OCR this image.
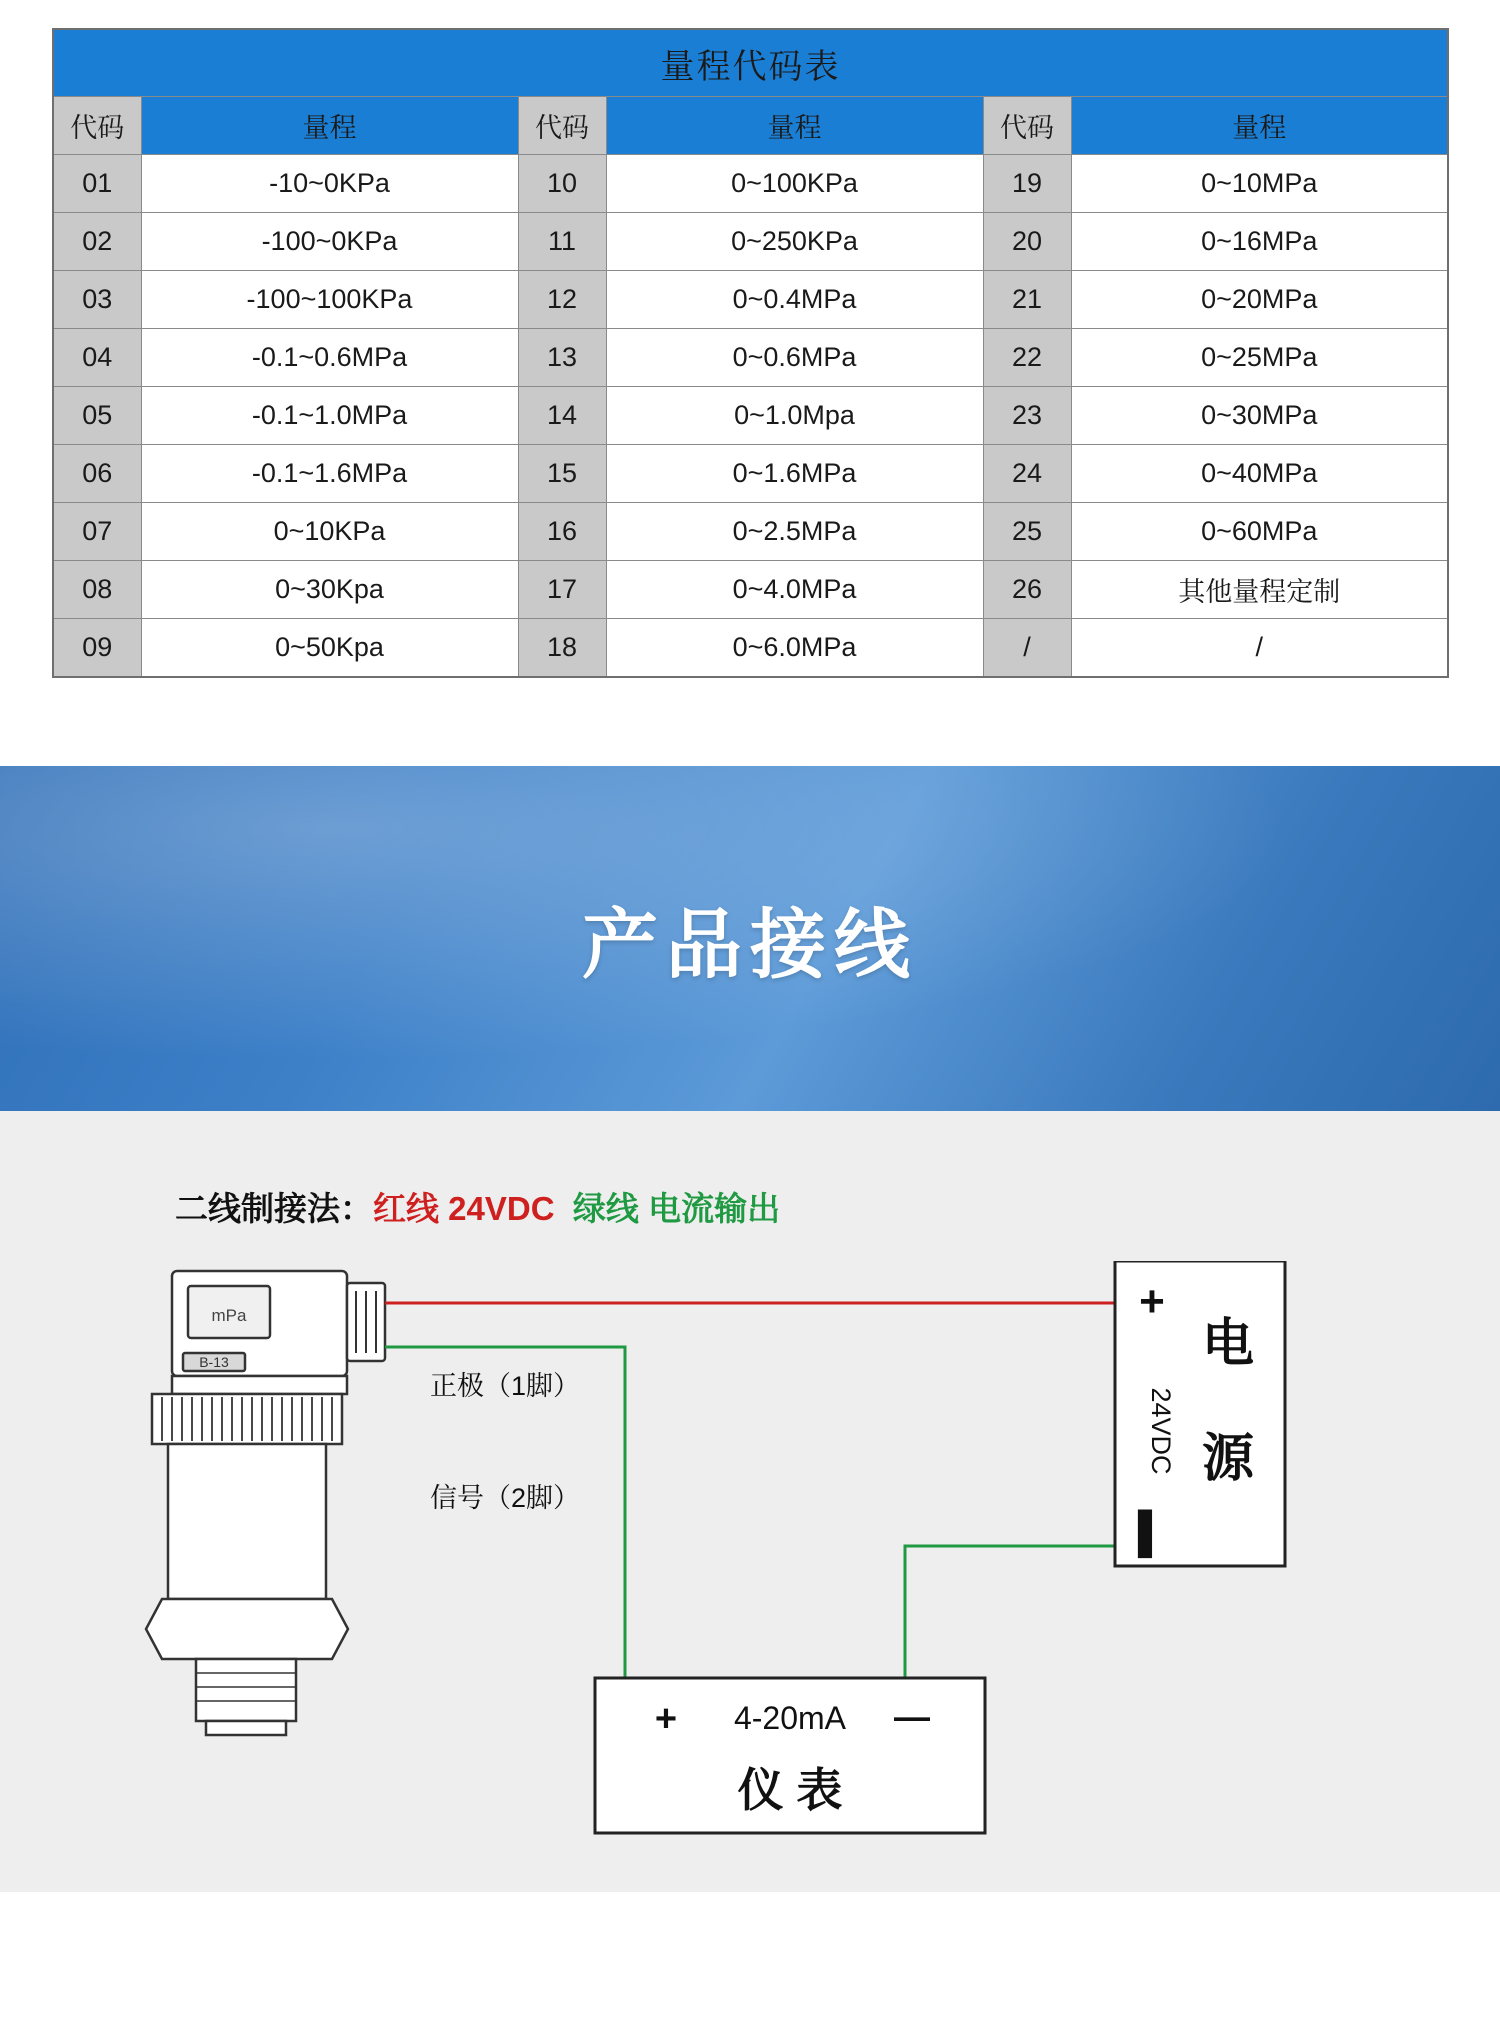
量程代码表					
代码	量程	代码	量程	代码	量程
01	-10~0KPa	10	0~100KPa	19	0~10MPa
02	-100~0KPa	11	0~250KPa	20	0~16MPa
03	-100~100KPa	12	0~0.4MPa	21	0~20MPa
04	-0.1~0.6MPa	13	0~0.6MPa	22	0~25MPa
05	-0.1~1.0MPa	14	0~1.0Mpa	23	0~30MPa
06	-0.1~1.6MPa	15	0~1.6MPa	24	0~40MPa
07	0~10KPa	16	0~2.5MPa	25	0~60MPa
08	0~30Kpa	17	0~4.0MPa	26	其他量程定制
09	0~50Kpa	18	0~6.0MPa	/	/
产品接线
二线制接法：红线 24VDC 绿线 电流输出
正极（1脚）
信号（2脚）
mPa
B-13
+
24VDC
▌
电
源
+ 4-20mA —
仪 表
